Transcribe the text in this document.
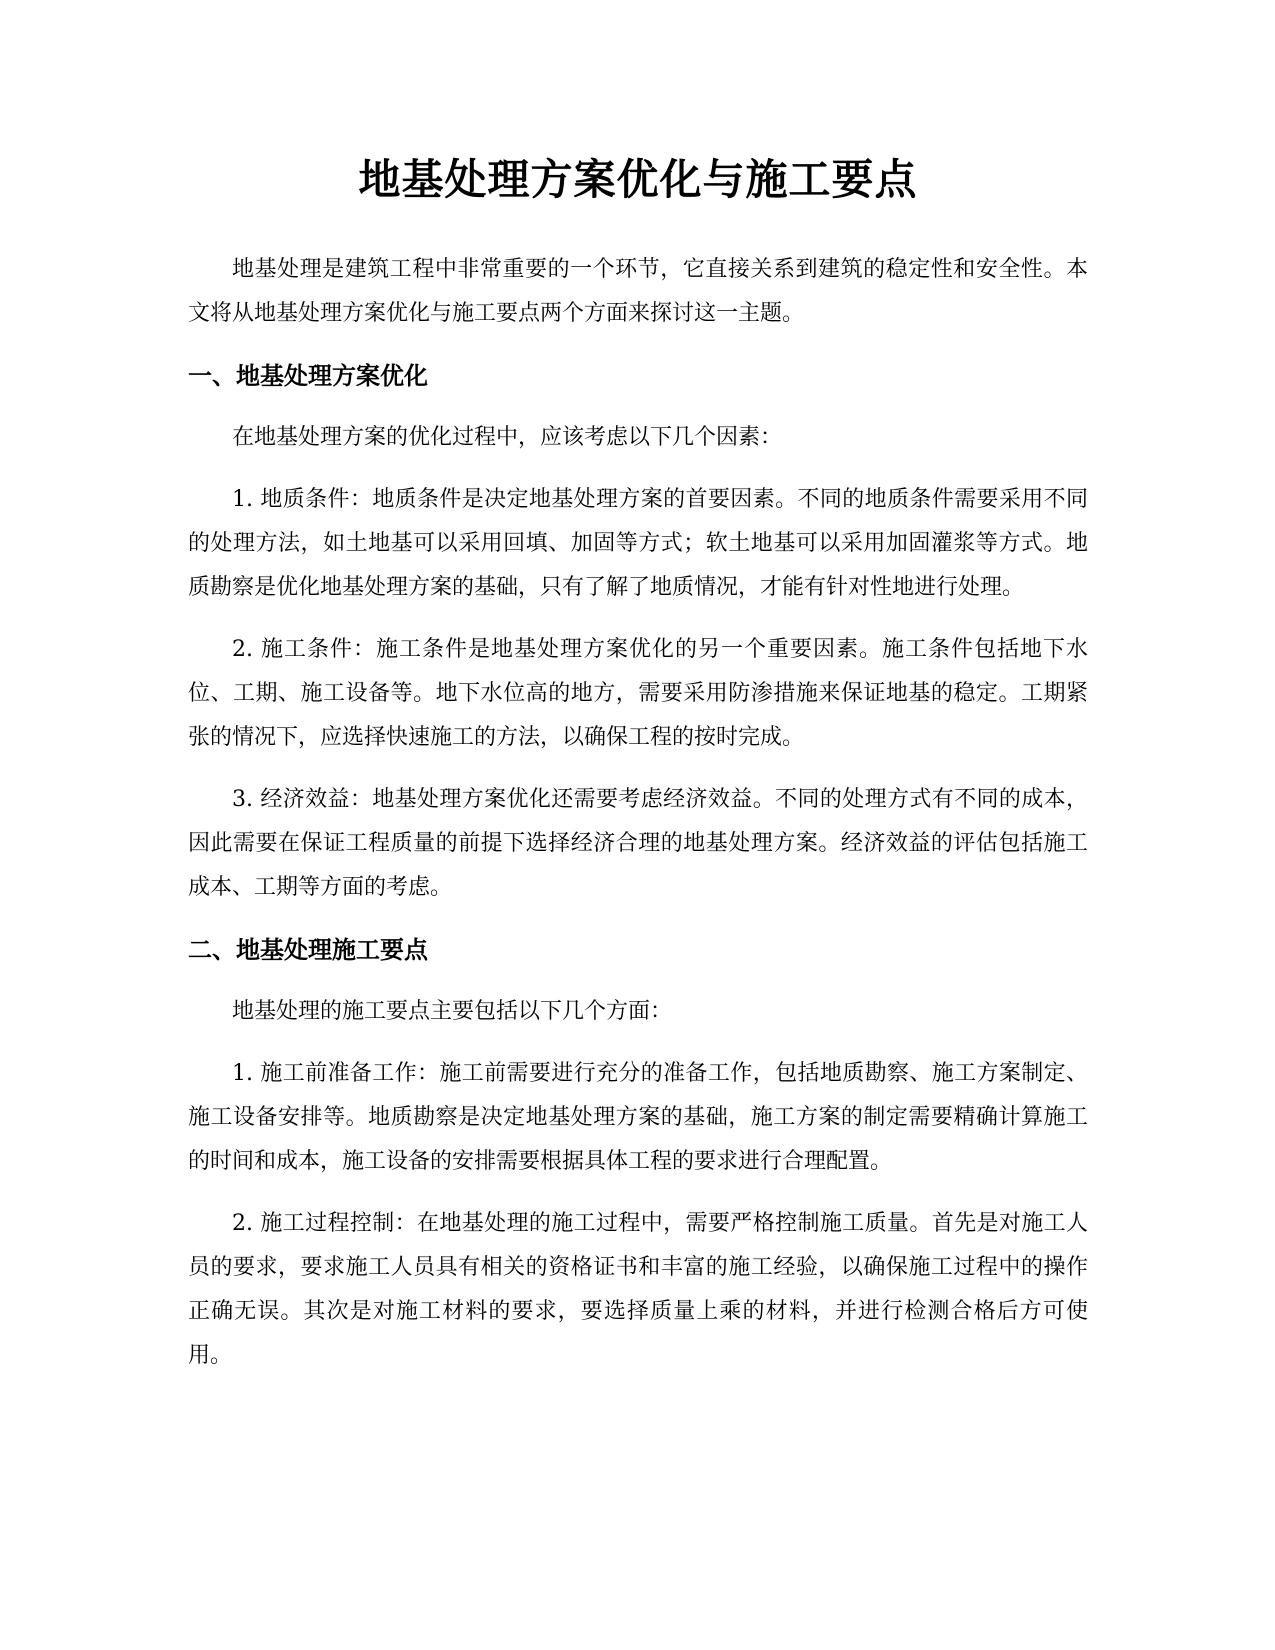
地基处理方案优化与施工要点

地基处理是建筑工程中非常重要的一个环节，它直接关系到建筑的稳定性和安全性。本文将从地基处理方案优化与施工要点两个方面来探讨这一主题。

一、地基处理方案优化

在地基处理方案的优化过程中，应该考虑以下几个因素：

1. 地质条件：地质条件是决定地基处理方案的首要因素。不同的地质条件需要采用不同的处理方法，如土地基可以采用回填、加固等方式；软土地基可以采用加固灌浆等方式。地质勘察是优化地基处理方案的基础，只有了解了地质情况，才能有针对性地进行处理。

2. 施工条件：施工条件是地基处理方案优化的另一个重要因素。施工条件包括地下水位、工期、施工设备等。地下水位高的地方，需要采用防渗措施来保证地基的稳定。工期紧张的情况下，应选择快速施工的方法，以确保工程的按时完成。

3. 经济效益：地基处理方案优化还需要考虑经济效益。不同的处理方式有不同的成本，因此需要在保证工程质量的前提下选择经济合理的地基处理方案。经济效益的评估包括施工成本、工期等方面的考虑。

二、地基处理施工要点

地基处理的施工要点主要包括以下几个方面：

1. 施工前准备工作：施工前需要进行充分的准备工作，包括地质勘察、施工方案制定、施工设备安排等。地质勘察是决定地基处理方案的基础，施工方案的制定需要精确计算施工的时间和成本，施工设备的安排需要根据具体工程的要求进行合理配置。

2. 施工过程控制：在地基处理的施工过程中，需要严格控制施工质量。首先是对施工人员的要求，要求施工人员具有相关的资格证书和丰富的施工经验，以确保施工过程中的操作正确无误。其次是对施工材料的要求，要选择质量上乘的材料，并进行检测合格后方可使用。
